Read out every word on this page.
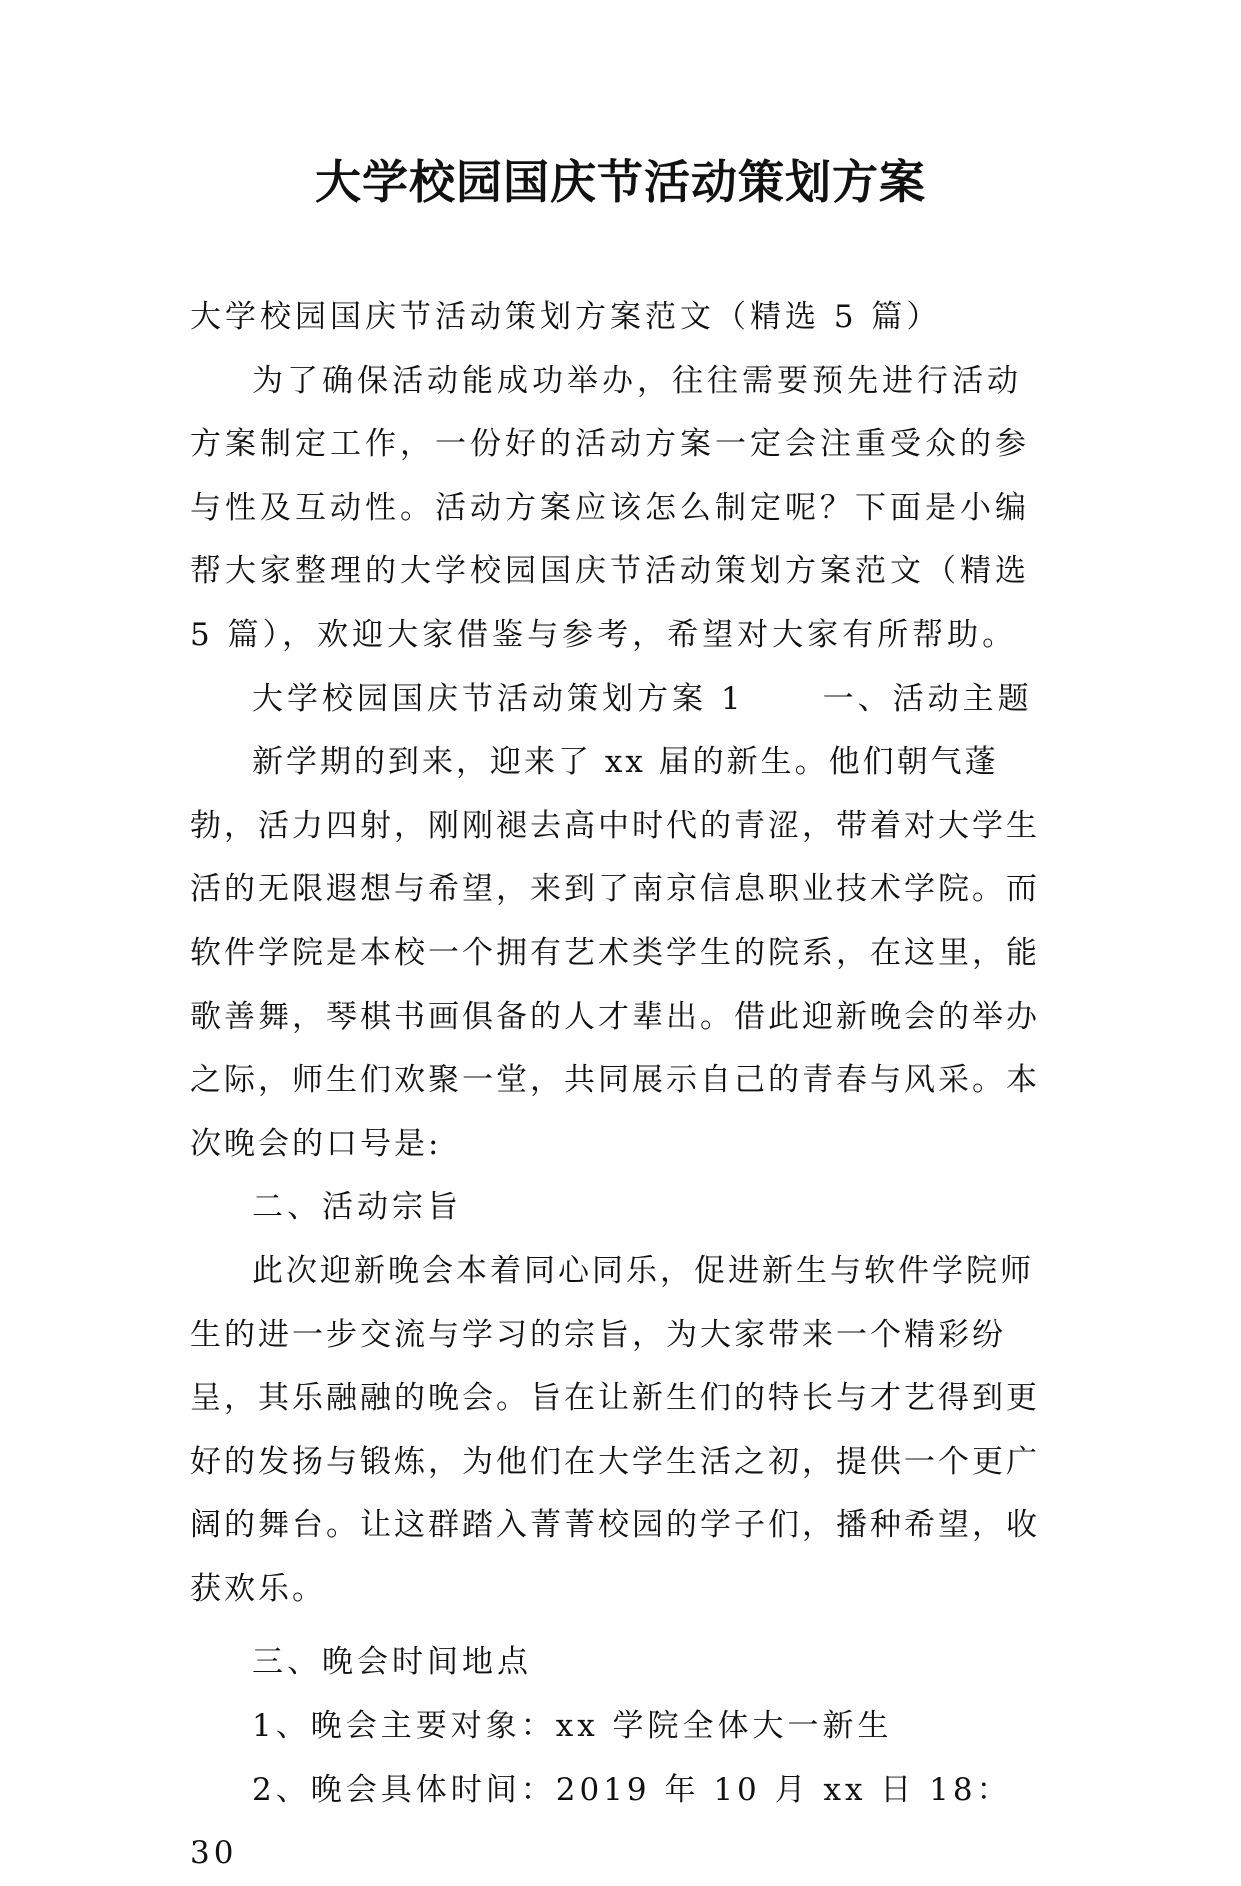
大学校园国庆节活动策划方案

大学校园国庆节活动策划方案范文（精选 5 篇）

为了确保活动能成功举办，往往需要预先进行活动方案制定工作，一份好的活动方案一定会注重受众的参与性及互动性。活动方案应该怎么制定呢？下面是小编帮大家整理的大学校园国庆节活动策划方案范文（精选 5 篇），欢迎大家借鉴与参考，希望对大家有所帮助。

大学校园国庆节活动策划方案 1	一、活动主题

新学期的到来，迎来了 xx 届的新生。他们朝气蓬勃，活力四射，刚刚褪去高中时代的青涩，带着对大学生活的无限遐想与希望，来到了南京信息职业技术学院。而软件学院是本校一个拥有艺术类学生的院系，在这里，能歌善舞，琴棋书画俱备的人才辈出。借此迎新晚会的举办之际，师生们欢聚一堂，共同展示自己的青春与风采。本次晚会的口号是:

二、活动宗旨

此次迎新晚会本着同心同乐，促进新生与软件学院师生的进一步交流与学习的宗旨，为大家带来一个精彩纷呈，其乐融融的晚会。旨在让新生们的特长与才艺得到更好的发扬与锻炼，为他们在大学生活之初，提供一个更广阔的舞台。让这群踏入菁菁校园的学子们，播种希望，收获欢乐。

三、晚会时间地点

1、晚会主要对象：xx 学院全体大一新生

2、晚会具体时间：2019 年 10 月 xx 日 18：30
